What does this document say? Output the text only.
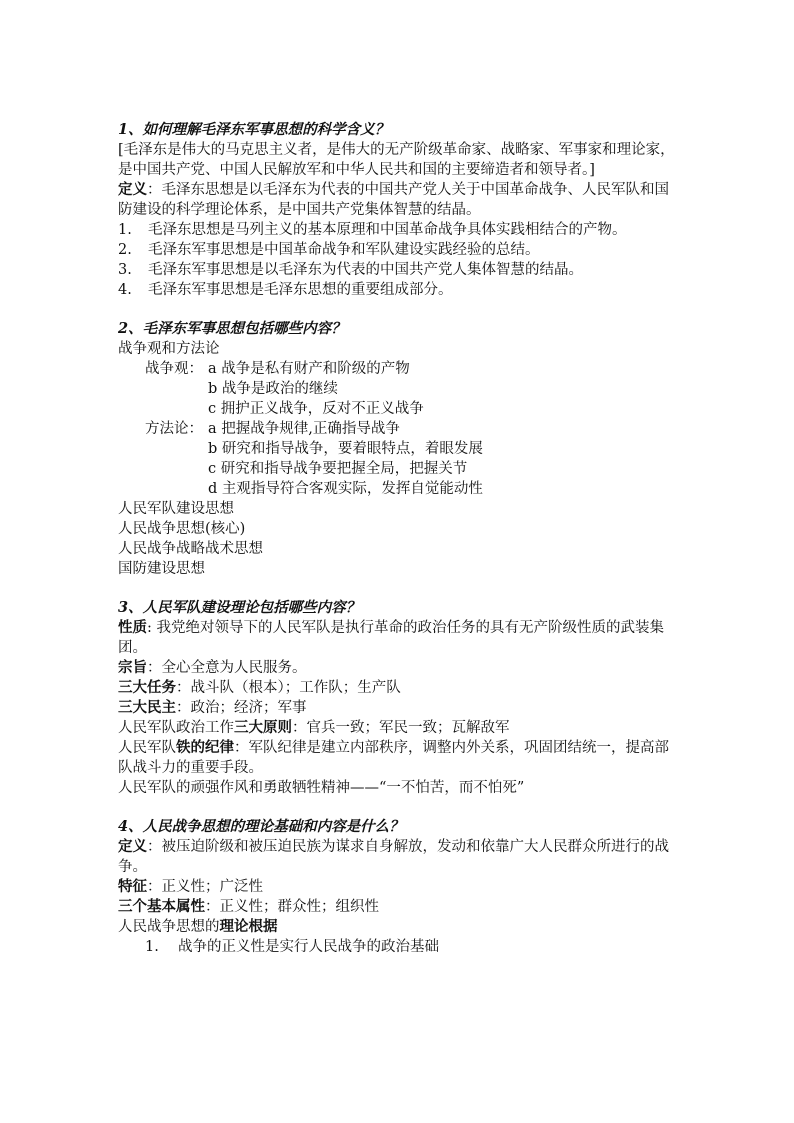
1、如何理解毛泽东军事思想的科学含义？

[毛泽东是伟大的马克思主义者，是伟大的无产阶级革命家、战略家、军事家和理论家，是中国共产党、中国人民解放军和中华人民共和国的主要缔造者和领导者。]

定义：毛泽东思想是以毛泽东为代表的中国共产党人关于中国革命战争、人民军队和国防建设的科学理论体系，是中国共产党集体智慧的结晶。

1. 毛泽东思想是马列主义的基本原理和中国革命战争具体实践相结合的产物。

2. 毛泽东军事思想是中国革命战争和军队建设实践经验的总结。

3. 毛泽东军事思想是以毛泽东为代表的中国共产党人集体智慧的结晶。

4. 毛泽东军事思想是毛泽东思想的重要组成部分。

2、毛泽东军事思想包括哪些内容？

战争观和方法论

战争观： a 战争是私有财产和阶级的产物

b 战争是政治的继续

c 拥护正义战争，反对不正义战争

方法论： a 把握战争规律,正确指导战争

b 研究和指导战争，要着眼特点，着眼发展

c 研究和指导战争要把握全局，把握关节

d 主观指导符合客观实际，发挥自觉能动性

人民军队建设思想

人民战争思想(核心)

人民战争战略战术思想

国防建设思想

3、人民军队建设理论包括哪些内容？

性质: 我党绝对领导下的人民军队是执行革命的政治任务的具有无产阶级性质的武装集团。

宗旨：全心全意为人民服务。

三大任务：战斗队（根本）；工作队；生产队

三大民主：政治；经济；军事

人民军队政治工作三大原则：官兵一致；军民一致；瓦解敌军

人民军队铁的纪律：军队纪律是建立内部秩序，调整内外关系，巩固团结统一，提高部队战斗力的重要手段。

人民军队的顽强作风和勇敢牺牲精神——“一不怕苦，而不怕死”

4、人民战争思想的理论基础和内容是什么？

定义：被压迫阶级和被压迫民族为谋求自身解放，发动和依靠广大人民群众所进行的战争。

特征：正义性；广泛性

三个基本属性：正义性；群众性；组织性

人民战争思想的理论根据

1. 战争的正义性是实行人民战争的政治基础
